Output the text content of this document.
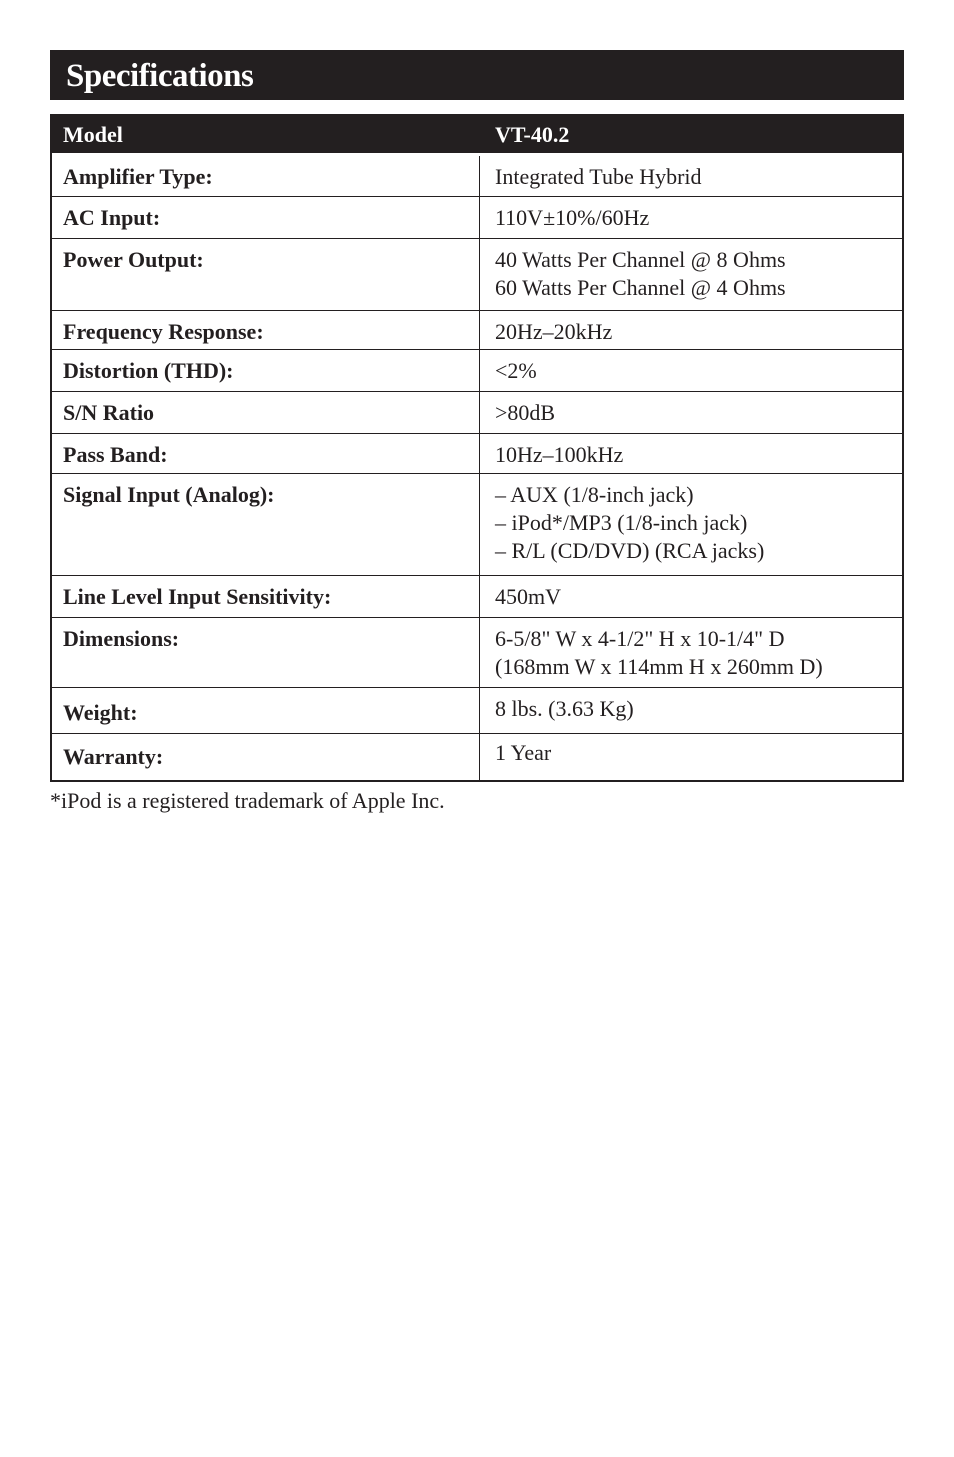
Specifications
Model	VT-40.2
Amplifier Type:	Integrated Tube Hybrid
AC Input:	110V±10%/60Hz
Power Output:	40 Watts Per Channel @ 8 Ohms
60 Watts Per Channel @ 4 Ohms
Frequency Response:	20Hz–20kHz
Distortion (THD):	<2%
S/N Ratio	>80dB
Pass Band:	10Hz–100kHz
Signal Input (Analog):	– AUX (1/8-inch jack)
– iPod*/MP3 (1/8-inch jack)
– R/L (CD/DVD) (RCA jacks)
Line Level Input Sensitivity:	450mV
Dimensions:	6-5/8" W x 4-1/2" H x 10-1/4" D
(168mm W x 114mm H x 260mm D)
Weight:	8 lbs. (3.63 Kg)
Warranty:	1 Year
*iPod is a registered trademark of Apple Inc.
